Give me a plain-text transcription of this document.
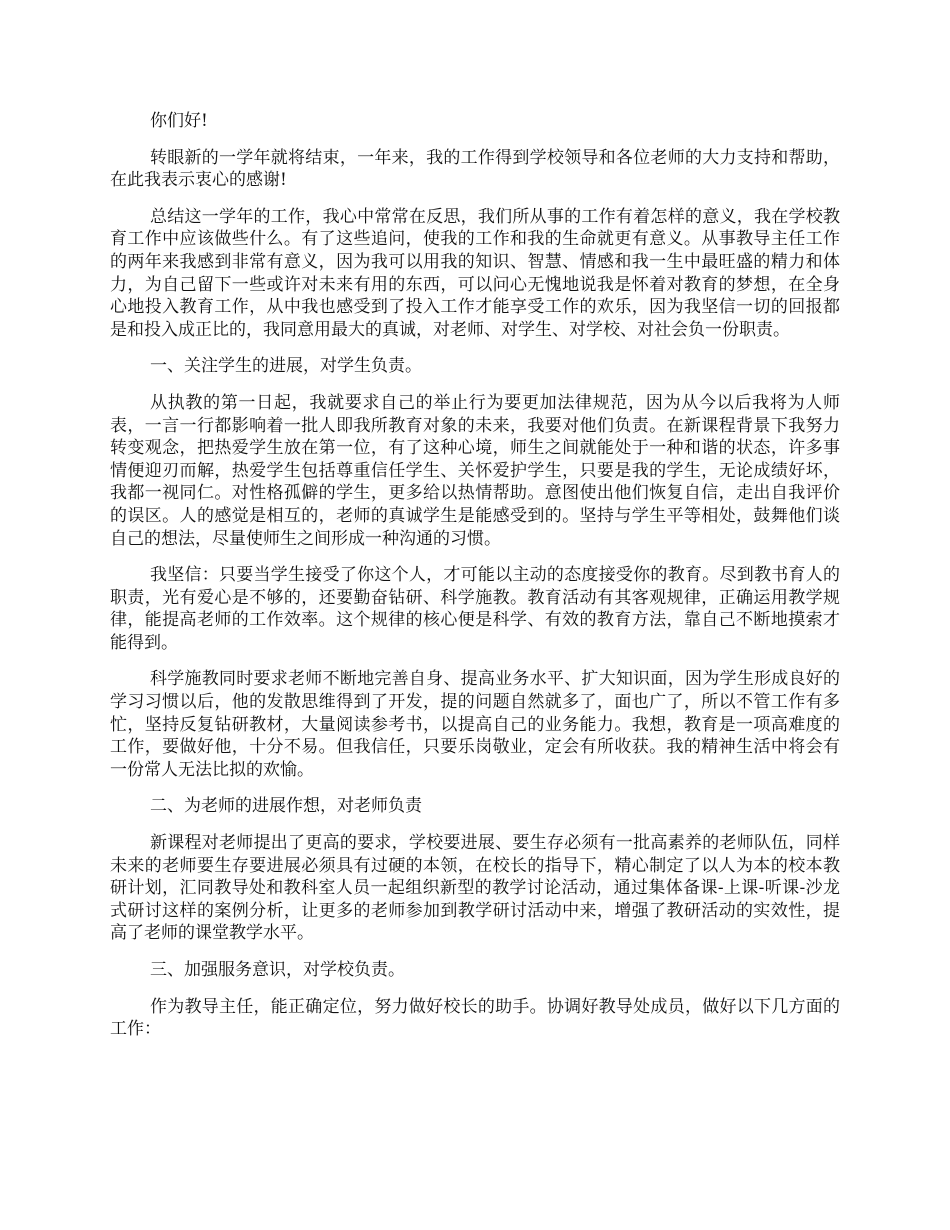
你们好!

转眼新的一学年就将结束，一年来，我的工作得到学校领导和各位老师的大力支持和帮助，在此我表示衷心的感谢!

总结这一学年的工作，我心中常常在反思，我们所从事的工作有着怎样的意义，我在学校教育工作中应该做些什么。有了这些追问，使我的工作和我的生命就更有意义。从事教导主任工作的两年来我感到非常有意义，因为我可以用我的知识、智慧、情感和我一生中最旺盛的精力和体力，为自己留下一些或许对未来有用的东西，可以问心无愧地说我是怀着对教育的梦想，在全身心地投入教育工作，从中我也感受到了投入工作才能享受工作的欢乐，因为我坚信一切的回报都是和投入成正比的，我同意用最大的真诚，对老师、对学生、对学校、对社会负一份职责。

一、关注学生的进展，对学生负责。

从执教的第一日起，我就要求自己的举止行为要更加法律规范，因为从今以后我将为人师表，一言一行都影响着一批人即我所教育对象的未来，我要对他们负责。在新课程背景下我努力转变观念，把热爱学生放在第一位，有了这种心境，师生之间就能处于一种和谐的状态，许多事情便迎刃而解，热爱学生包括尊重信任学生、关怀爱护学生，只要是我的学生，无论成绩好坏，我都一视同仁。对性格孤僻的学生，更多给以热情帮助。意图使出他们恢复自信，走出自我评价的误区。人的感觉是相互的，老师的真诚学生是能感受到的。坚持与学生平等相处，鼓舞他们谈自己的想法，尽量使师生之间形成一种沟通的习惯。

我坚信：只要当学生接受了你这个人，才可能以主动的态度接受你的教育。尽到教书育人的职责，光有爱心是不够的，还要勤奋钻研、科学施教。教育活动有其客观规律，正确运用教学规律，能提高老师的工作效率。这个规律的核心便是科学、有效的教育方法，靠自己不断地摸索才能得到。

科学施教同时要求老师不断地完善自身、提高业务水平、扩大知识面，因为学生形成良好的学习习惯以后，他的发散思维得到了开发，提的问题自然就多了，面也广了，所以不管工作有多忙，坚持反复钻研教材，大量阅读参考书，以提高自己的业务能力。我想，教育是一项高难度的工作，要做好他，十分不易。但我信任，只要乐岗敬业，定会有所收获。我的精神生活中将会有一份常人无法比拟的欢愉。

二、为老师的进展作想，对老师负责

新课程对老师提出了更高的要求，学校要进展、要生存必须有一批高素养的老师队伍，同样未来的老师要生存要进展必须具有过硬的本领，在校长的指导下，精心制定了以人为本的校本教研计划，汇同教导处和教科室人员一起组织新型的教学讨论活动，通过集体备课-上课-听课-沙龙式研讨这样的案例分析，让更多的老师参加到教学研讨活动中来，增强了教研活动的实效性，提高了老师的课堂教学水平。

三、加强服务意识，对学校负责。

作为教导主任，能正确定位，努力做好校长的助手。协调好教导处成员，做好以下几方面的工作：
